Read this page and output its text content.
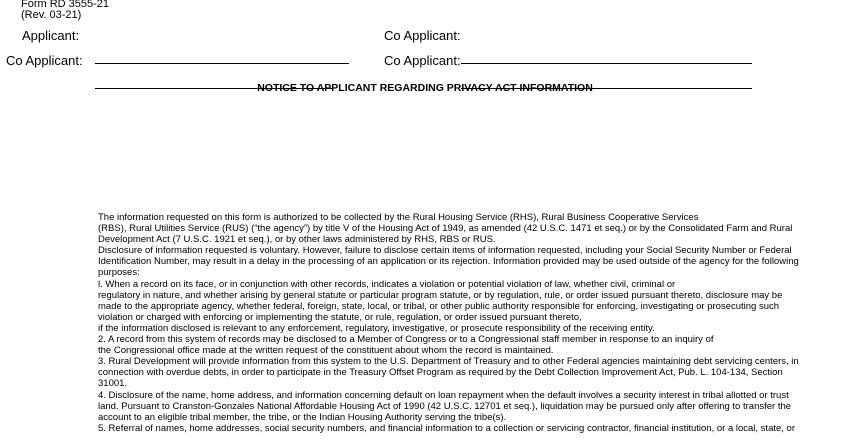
Form RD 3555-21
(Rev. 03-21)
Applicant:	Co Applicant:
Co Applicant:	Co Applicant:
NOTICE TO APPLICANT REGARDING PRIVACY ACT INFORMATION

The information requested on this form is authorized to be collected by the Rural Housing Service (RHS), Rural Business Cooperative Services
(RBS), Rural Utilities Service (RUS) (“the agency”) by title V of the Housing Act of 1949, as amended (42 U.S.C. 1471 et seq.) or by the Consolidated Farm and Rural
Development Act (7 U.S.C. 1921 et seq.), or by other laws administered by RHS, RBS or RUS.

Disclosure of information requested is voluntary. However, failure to disclose certain items of information requested, including your Social Security Number or Federal
Identification Number, may result in a delay in the processing of an application or its rejection. Information provided may be used outside of the agency for the following
purposes:

l. When a record on its face, or in conjunction with other records, indicates a violation or potential violation of law, whether civil, criminal or
regulatory in nature, and whether arising by general statute or particular program statute, or by regulation, rule, or order issued pursuant thereto, disclosure may be
made to the appropriate agency, whether federal, foreign, state, local, or tribal, or other public authority responsible for enforcing, investigating or prosecuting such
violation or charged with enforcing or implementing the statute, or rule, regulation, or order issued pursuant thereto,
if the information disclosed is relevant to any enforcement, regulatory, investigative, or prosecute responsibility of the receiving entity.

2. A record from this system of records may be disclosed to a Member of Congress or to a Congressional staff member in response to an inquiry of
the Congressional office made at the written request of the constituent about whom the record is maintained.

3. Rural Development will provide information from this system to the U.S. Department of Treasury and to other Federal agencies maintaining debt servicing centers, in
connection with overdue debts, in order to participate in the Treasury Offset Program as required by the Debt Collection Improvement Act, Pub. L. 104-134, Section
31001.

4. Disclosure of the name, home address, and information concerning default on loan repayment when the default involves a security interest in tribal allotted or trust
land. Pursuant to Cranston-Gonzales National Affordable Housing Act of 1990 (42 U.S.C. 12701 et seq.), liquidation may be pursued only after offering to transfer the
account to an eligible tribal member, the tribe, or the Indian Housing Authority serving the tribe(s).

5. Referral of names, home addresses, social security numbers, and financial information to a collection or servicing contractor, financial institution, or a local, state, or
